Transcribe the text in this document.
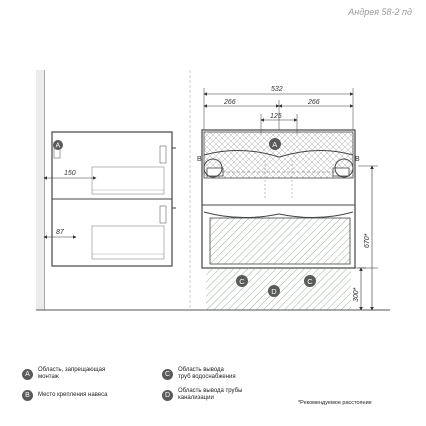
Андрея 58-2 пд
532
266	266
125
150
87
670*
300*
A	A
B	B
C	C
D
A
Область, запрещающая
монтаж
B	Место крепления навеса
C
Область вывода
труб водоснабжения
D
Область вывода трубы
канализации
*Рекомендуемое расстояние
